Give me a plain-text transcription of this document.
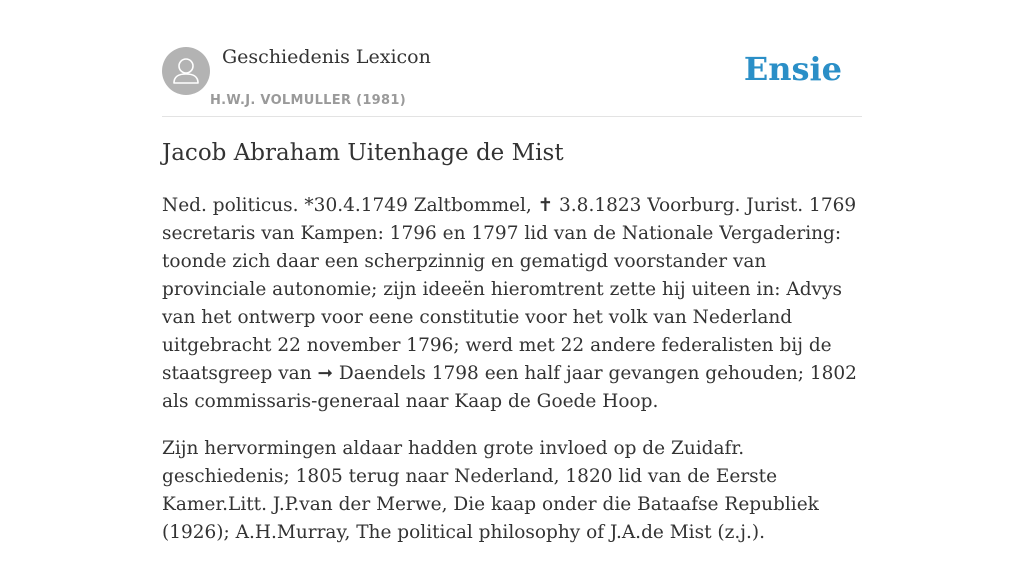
Geschiedenis Lexicon
H.W.J. VOLMULLER (1981)
Ensie
Jacob Abraham Uitenhage de Mist

Ned. politicus. *30.4.1749 Zaltbommel, ✝ 3.8.1823 Voorburg. Jurist. 1769 secretaris van Kampen: 1796 en 1797 lid van de Nationale Vergadering: toonde zich daar een scherpzinnig en gematigd voorstander van provinciale autonomie; zijn ideeën hieromtrent zette hij uiteen in: Advys van het ontwerp voor eene constitutie voor het volk van Nederland uitgebracht 22 november 1796; werd met 22 andere federalisten bij de staatsgreep van ➞ Daendels 1798 een half jaar gevangen gehouden; 1802 als commissaris-generaal naar Kaap de Goede Hoop.

Zijn hervormingen aldaar hadden grote invloed op de Zuidafr. geschiedenis; 1805 terug naar Nederland, 1820 lid van de Eerste Kamer.Litt. J.P.van der Merwe, Die kaap onder die Bataafse Republiek (1926); A.H.Murray, The political philosophy of J.A.de Mist (z.j.).
